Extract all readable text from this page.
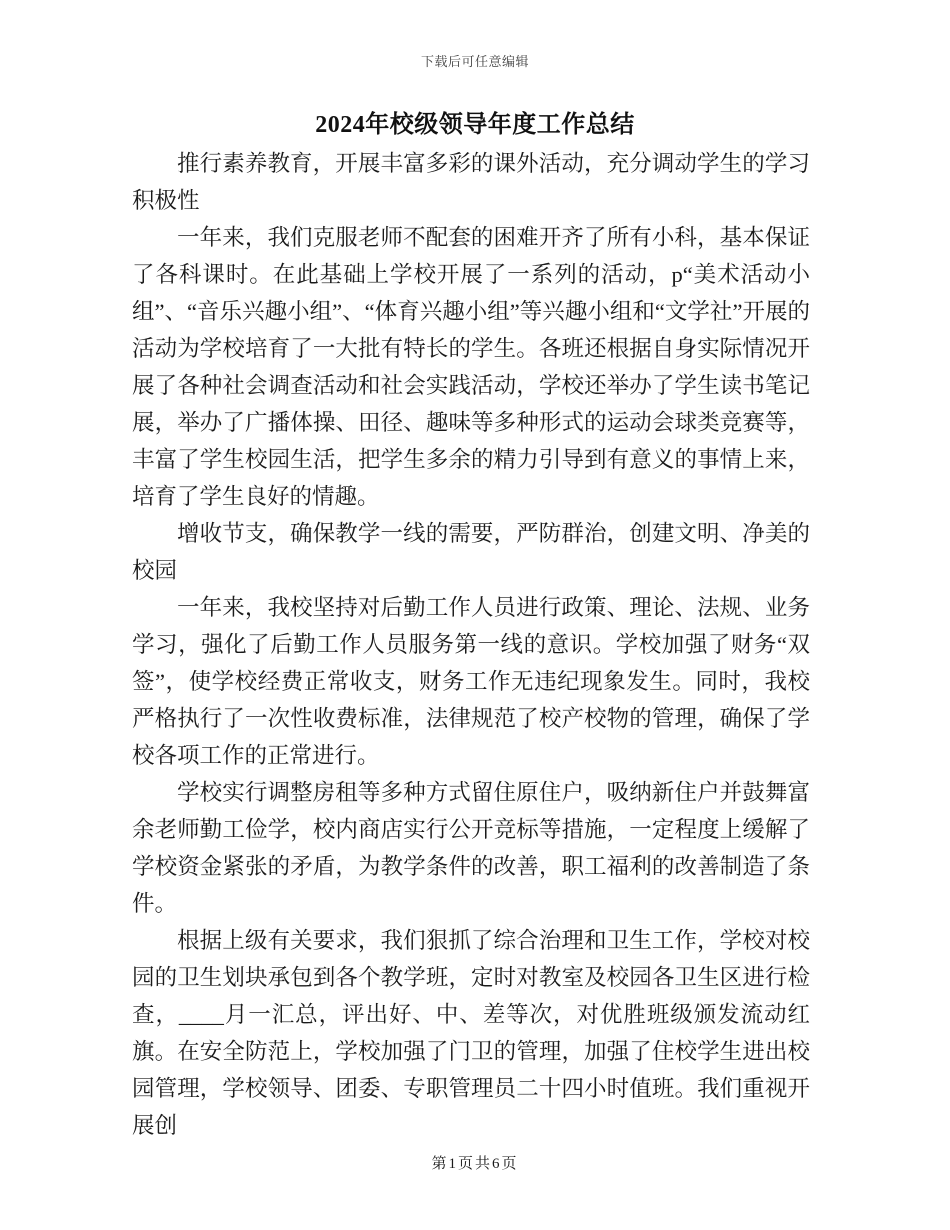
下载后可任意编辑
2024年校级领导年度工作总结

推行素养教育，开展丰富多彩的课外活动，充分调动学生的学习积极性

一年来，我们克服老师不配套的困难开齐了所有小科，基本保证了各科课时。在此基础上学校开展了一系列的活动，p“美术活动小组”、“音乐兴趣小组”、“体育兴趣小组”等兴趣小组和“文学社”开展的活动为学校培育了一大批有特长的学生。各班还根据自身实际情况开展了各种社会调查活动和社会实践活动，学校还举办了学生读书笔记展，举办了广播体操、田径、趣味等多种形式的运动会球类竞赛等，丰富了学生校园生活，把学生多余的精力引导到有意义的事情上来，培育了学生良好的情趣。

增收节支，确保教学一线的需要，严防群治，创建文明、净美的校园

一年来，我校坚持对后勤工作人员进行政策、理论、法规、业务学习，强化了后勤工作人员服务第一线的意识。学校加强了财务“双签”，使学校经费正常收支，财务工作无违纪现象发生。同时，我校严格执行了一次性收费标准，法律规范了校产校物的管理，确保了学校各项工作的正常进行。

学校实行调整房租等多种方式留住原住户，吸纳新住户并鼓舞富余老师勤工俭学，校内商店实行公开竞标等措施，一定程度上缓解了学校资金紧张的矛盾，为教学条件的改善，职工福利的改善制造了条件。

根据上级有关要求，我们狠抓了综合治理和卫生工作，学校对校园的卫生划块承包到各个教学班，定时对教室及校园各卫生区进行检查，____月一汇总，评出好、中、差等次，对优胜班级颁发流动红旗。在安全防范上，学校加强了门卫的管理，加强了住校学生进出校园管理，学校领导、团委、专职管理员二十四小时值班。我们重视开展创

第1页共6页
